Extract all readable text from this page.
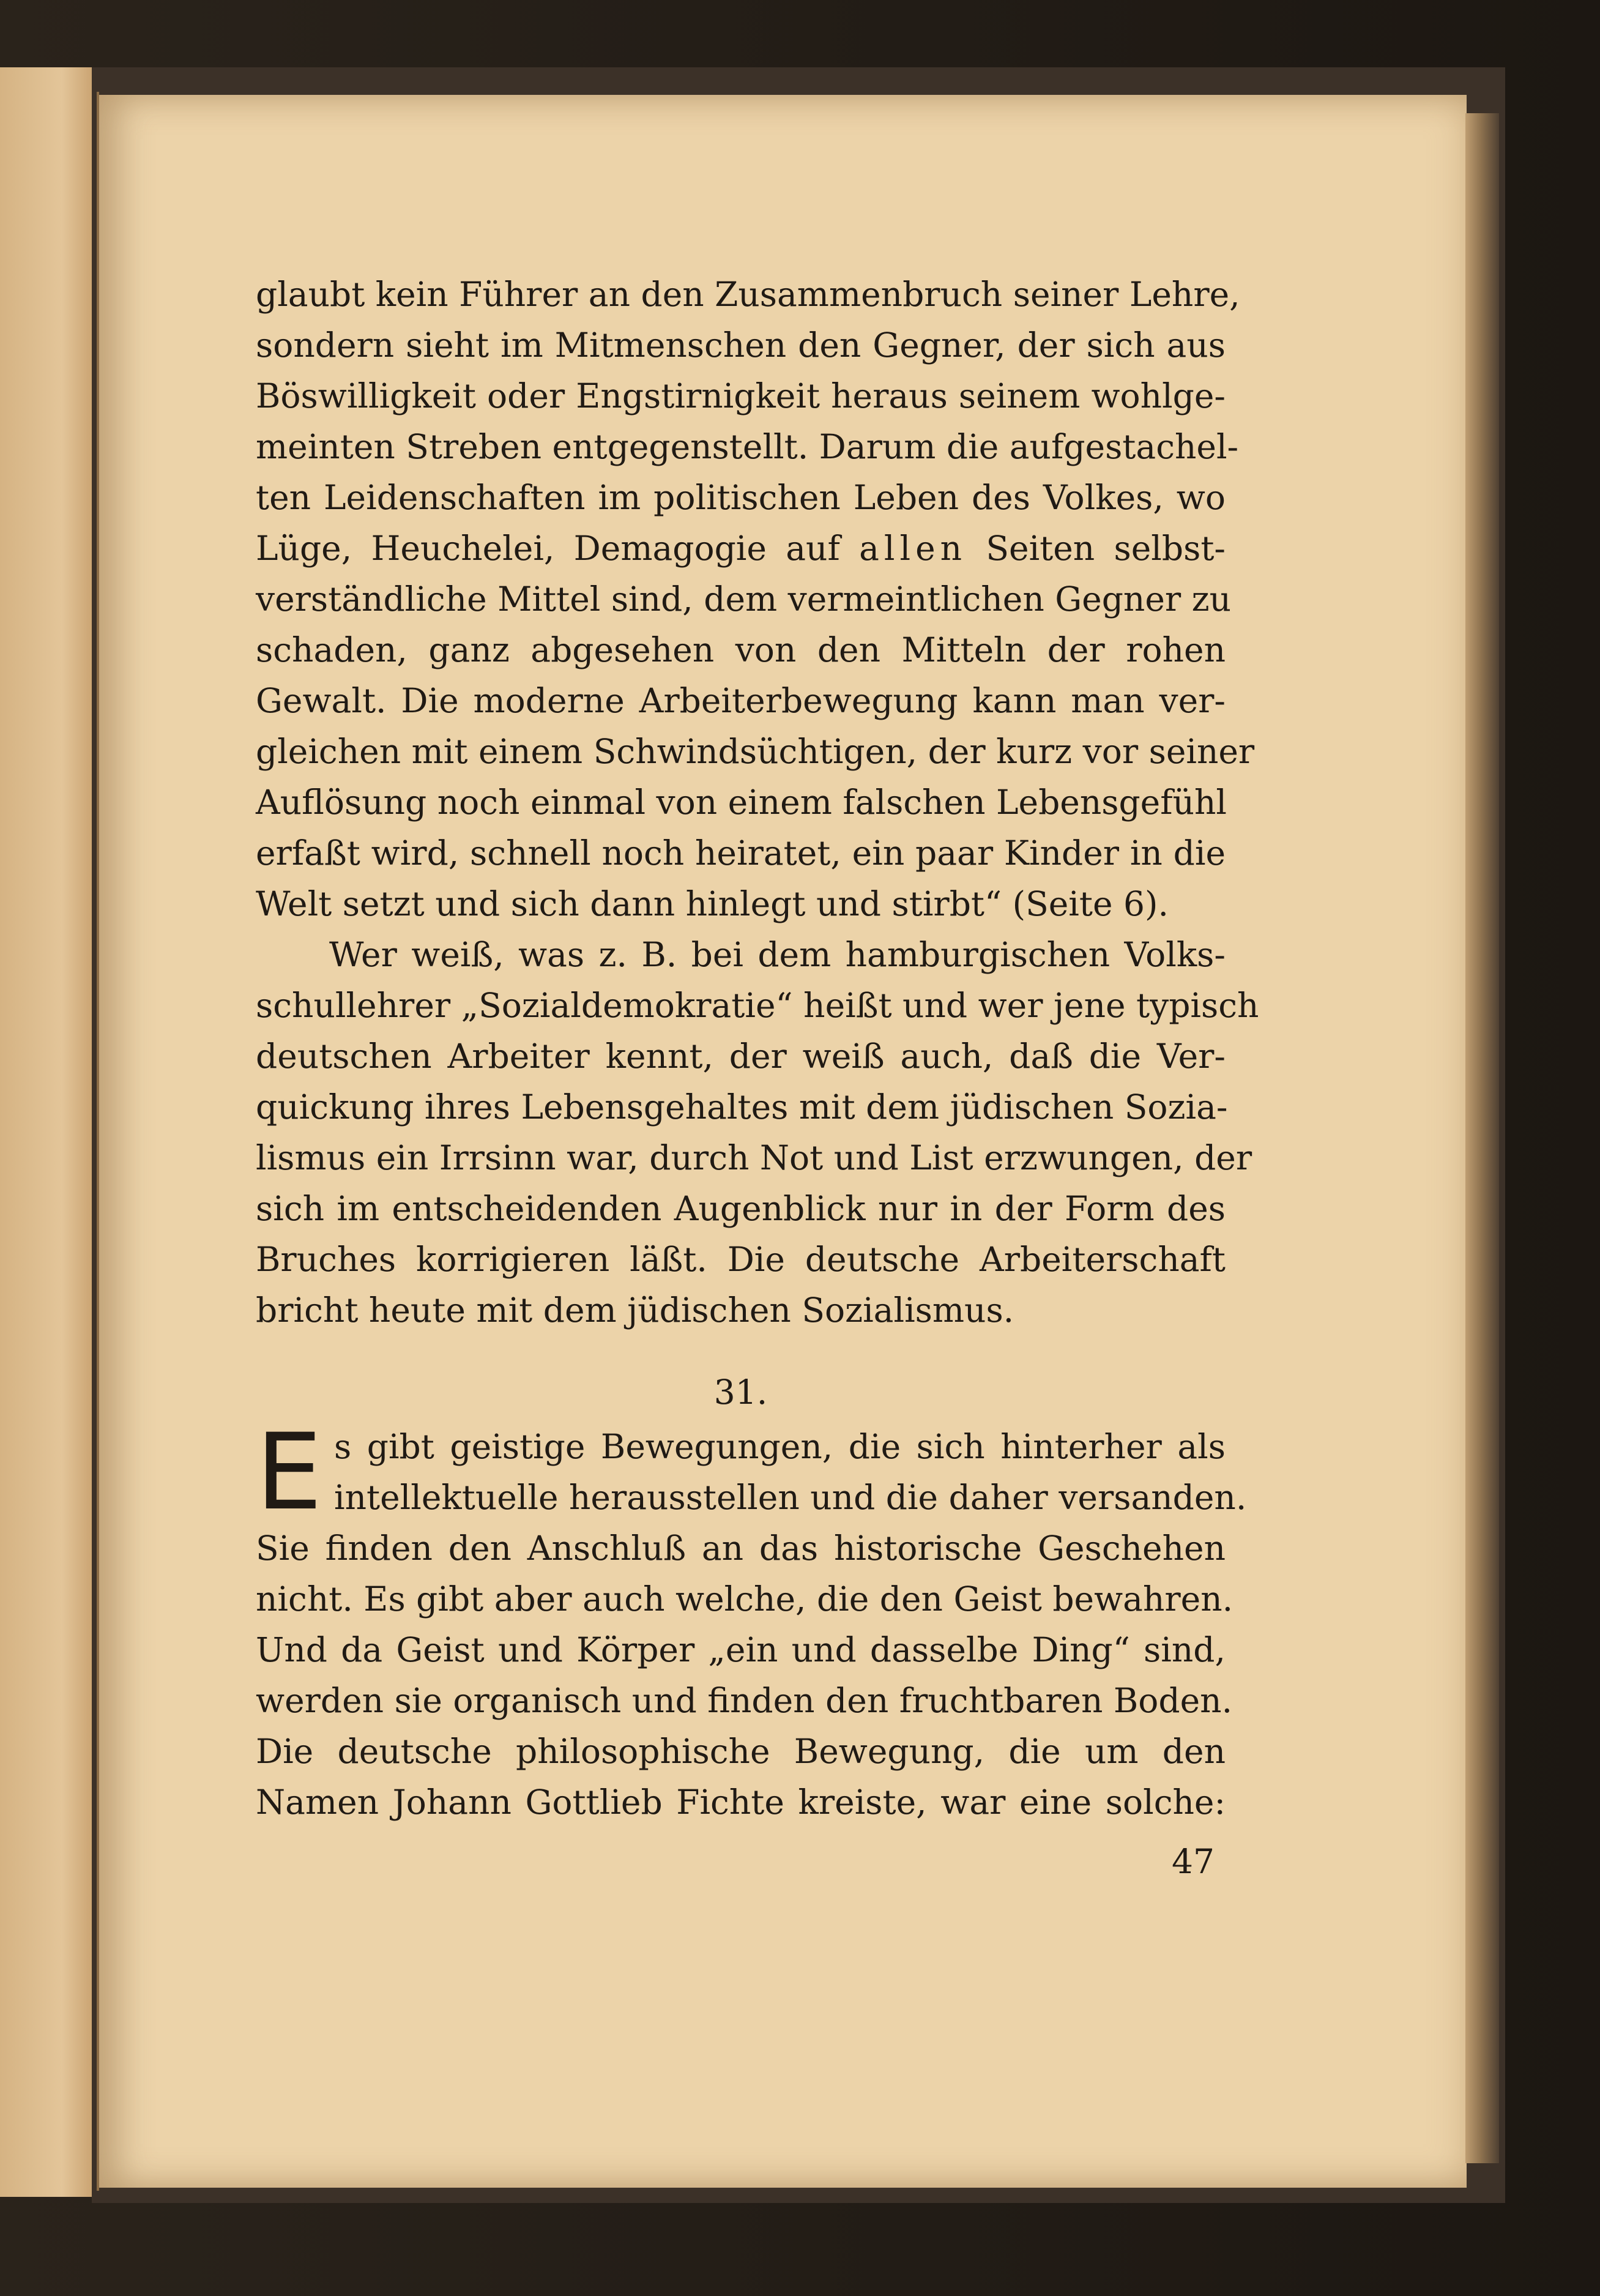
glaubt kein Führer an den Zusammenbruch seiner Lehre,
sondern sieht im Mitmenschen den Gegner, der sich aus
Böswilligkeit oder Engstirnigkeit heraus seinem wohlge-
meinten Streben entgegenstellt. Darum die aufgestachel-
ten Leidenschaften im politischen Leben des Volkes, wo
Lüge, Heuchelei, Demagogie auf allen Seiten selbst-
verständliche Mittel sind, dem vermeintlichen Gegner zu
schaden, ganz abgesehen von den Mitteln der rohen
Gewalt. Die moderne Arbeiterbewegung kann man ver-
gleichen mit einem Schwindsüchtigen, der kurz vor seiner
Auflösung noch einmal von einem falschen Lebensgefühl
erfaßt wird, schnell noch heiratet, ein paar Kinder in die
Welt setzt und sich dann hinlegt und stirbt“ (Seite 6).
Wer weiß, was z. B. bei dem hamburgischen Volks-
schullehrer „Sozialdemokratie“ heißt und wer jene typisch
deutschen Arbeiter kennt, der weiß auch, daß die Ver-
quickung ihres Lebensgehaltes mit dem jüdischen Sozia-
lismus ein Irrsinn war, durch Not und List erzwungen, der
sich im entscheidenden Augenblick nur in der Form des
Bruches korrigieren läßt. Die deutsche Arbeiterschaft
bricht heute mit dem jüdischen Sozialismus.
31.
E s gibt geistige Bewegungen, die sich hinterher als
intellektuelle herausstellen und die daher versanden.
Sie finden den Anschluß an das historische Geschehen
nicht. Es gibt aber auch welche, die den Geist bewahren.
Und da Geist und Körper „ein und dasselbe Ding“ sind,
werden sie organisch und finden den fruchtbaren Boden.
Die deutsche philosophische Bewegung, die um den
Namen Johann Gottlieb Fichte kreiste, war eine solche:
47
